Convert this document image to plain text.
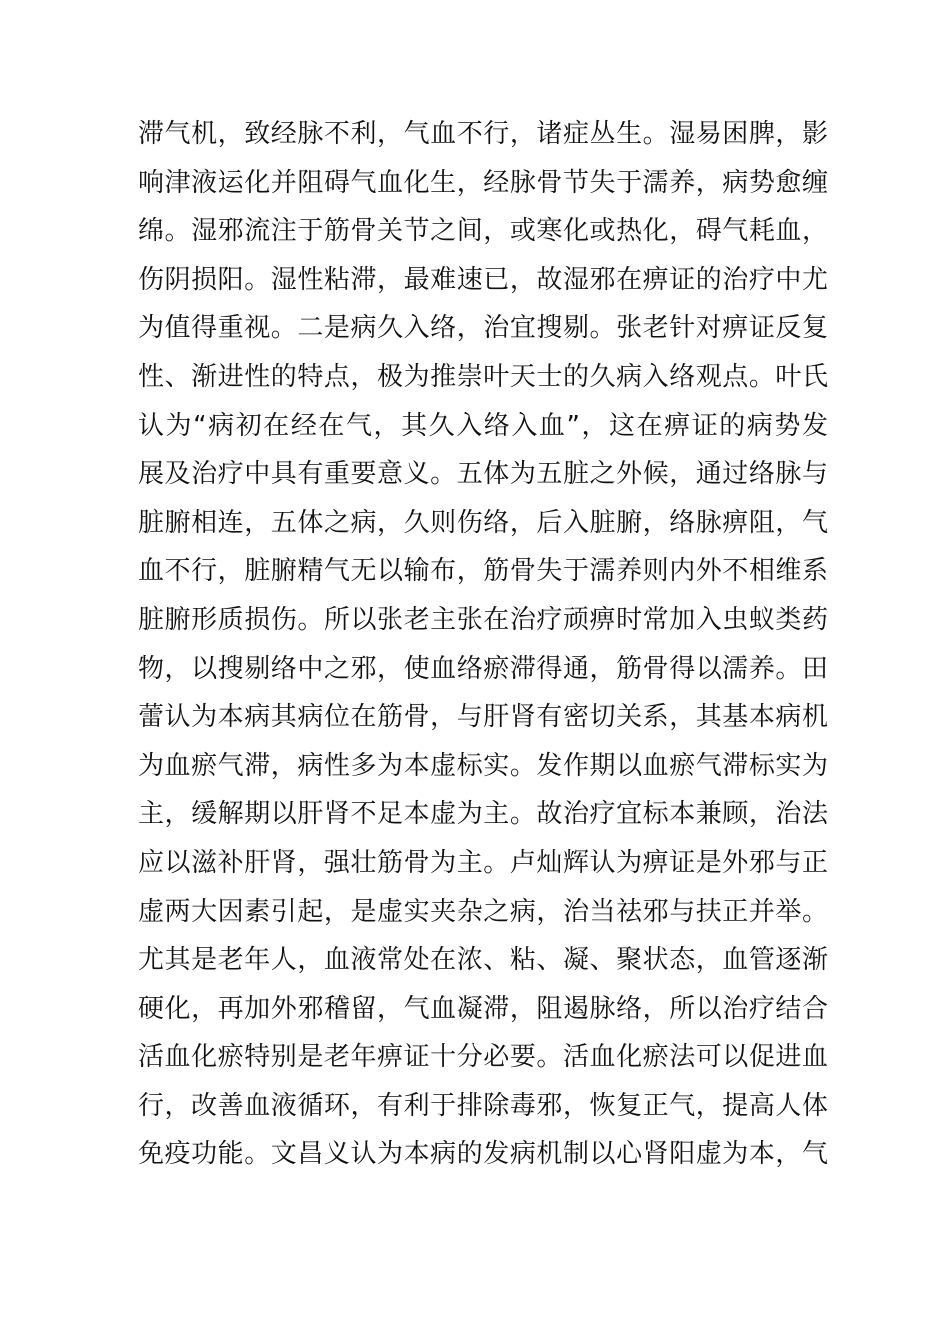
滞气机，致经脉不利，气血不行，诸症丛生。湿易困脾，影
响津液运化并阻碍气血化生，经脉骨节失于濡养，病势愈缠
绵。湿邪流注于筋骨关节之间，或寒化或热化，碍气耗血，
伤阴损阳。湿性粘滞，最难速已，故湿邪在痹证的治疗中尤
为值得重视。二是病久入络，治宜搜剔。张老针对痹证反复
性、渐进性的特点，极为推崇叶天士的久病入络观点。叶氏
认为“病初在经在气，其久入络入血”，这在痹证的病势发
展及治疗中具有重要意义。五体为五脏之外候，通过络脉与
脏腑相连，五体之病，久则伤络，后入脏腑，络脉痹阻，气
血不行，脏腑精气无以输布，筋骨失于濡养则内外不相维系
脏腑形质损伤。所以张老主张在治疗顽痹时常加入虫蚁类药
物，以搜剔络中之邪，使血络瘀滞得通，筋骨得以濡养。田
蕾认为本病其病位在筋骨，与肝肾有密切关系，其基本病机
为血瘀气滞，病性多为本虚标实。发作期以血瘀气滞标实为
主，缓解期以肝肾不足本虚为主。故治疗宜标本兼顾，治法
应以滋补肝肾，强壮筋骨为主。卢灿辉认为痹证是外邪与正
虚两大因素引起，是虚实夹杂之病，治当祛邪与扶正并举。
尤其是老年人，血液常处在浓、粘、凝、聚状态，血管逐渐
硬化，再加外邪稽留，气血凝滞，阻遏脉络，所以治疗结合
活血化瘀特别是老年痹证十分必要。活血化瘀法可以促进血
行，改善血液循环，有利于排除毒邪，恢复正气，提高人体
免疫功能。文昌义认为本病的发病机制以心肾阳虚为本，气
